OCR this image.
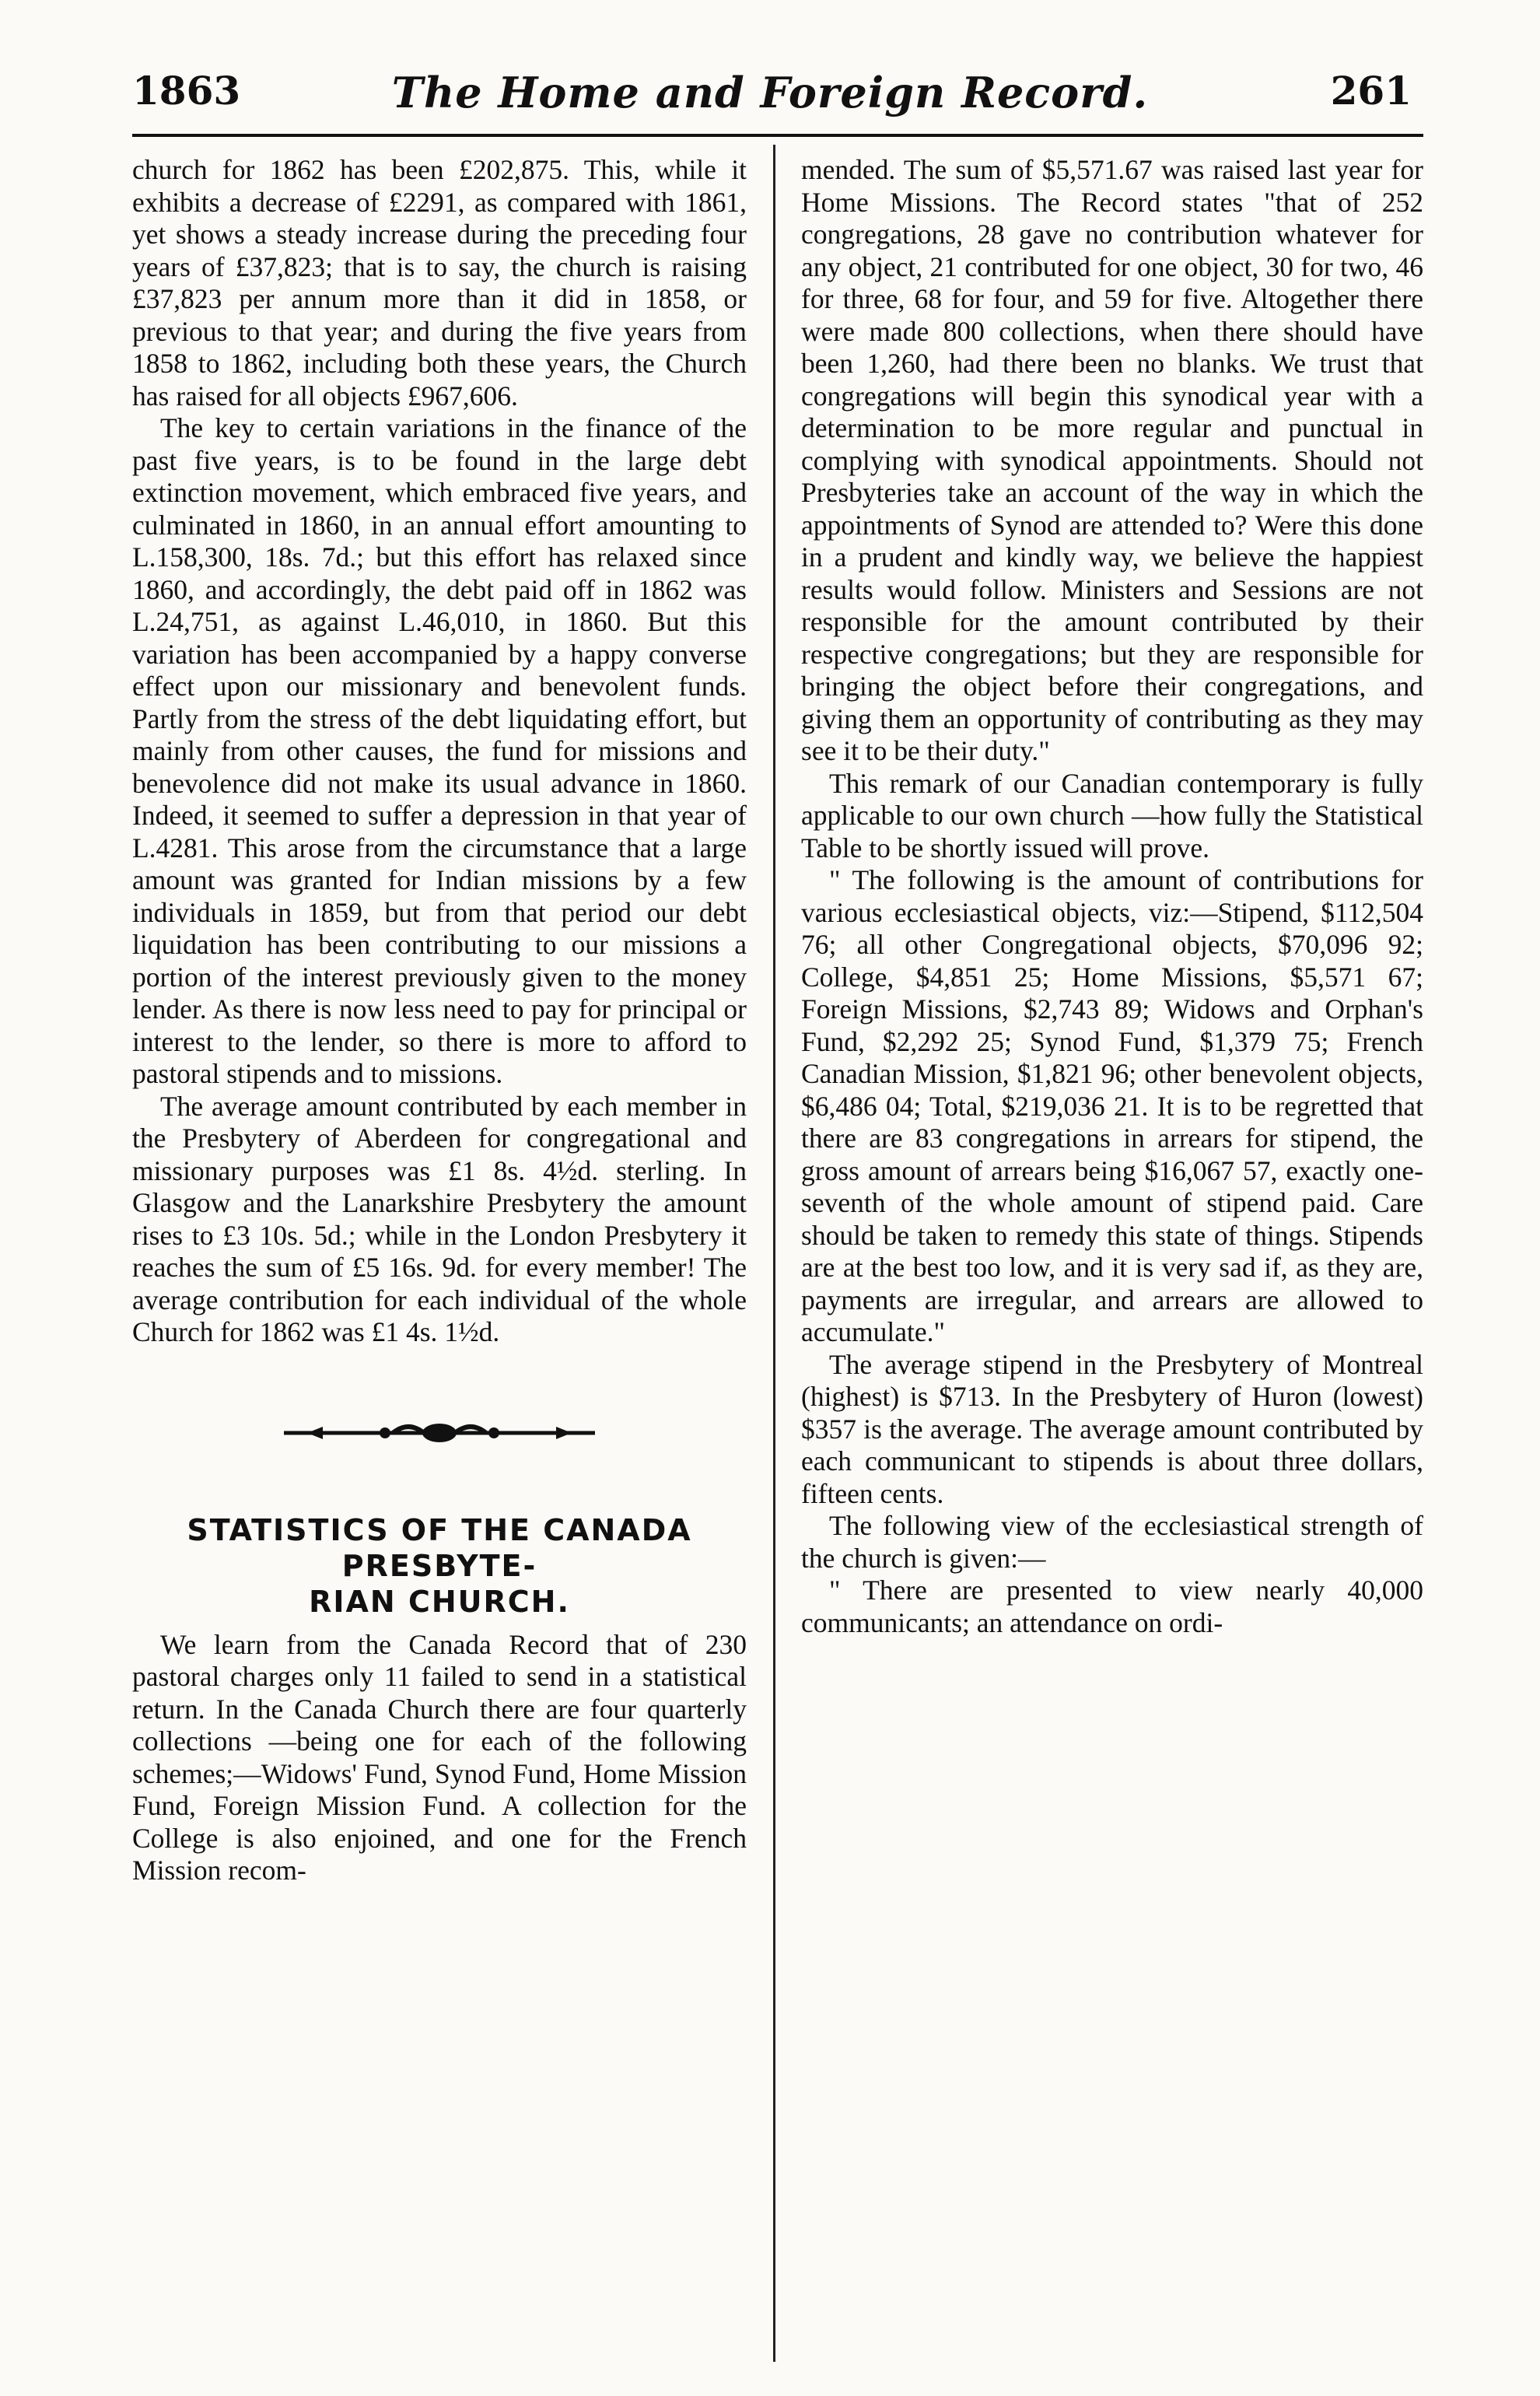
1863	The Home and Foreign Record.	261

church for 1862 has been £202,875. This, while it exhibits a decrease of £2291, as compared with 1861, yet shows a steady increase during the preceding four years of £37,823; that is to say, the church is raising £37,823 per annum more than it did in 1858, or previous to that year; and during the five years from 1858 to 1862, including both these years, the Church has raised for all objects £967,606.

The key to certain variations in the finance of the past five years, is to be found in the large debt extinction movement, which embraced five years, and culminated in 1860, in an annual effort amounting to L.158,300, 18s. 7d.; but this effort has relaxed since 1860, and accordingly, the debt paid off in 1862 was L.24,751, as against L.46,010, in 1860. But this variation has been accompanied by a happy converse effect upon our missionary and benevolent funds. Partly from the stress of the debt liquidating effort, but mainly from other causes, the fund for missions and benevolence did not make its usual advance in 1860. Indeed, it seemed to suffer a depression in that year of L.4281. This arose from the circumstance that a large amount was granted for Indian missions by a few individuals in 1859, but from that period our debt liquidation has been contributing to our missions a portion of the interest previously given to the money lender. As there is now less need to pay for principal or interest to the lender, so there is more to afford to pastoral stipends and to missions.

The average amount contributed by each member in the Presbytery of Aberdeen for congregational and missionary purposes was £1 8s. 4½d. sterling. In Glasgow and the Lanarkshire Presbytery the amount rises to £3 10s. 5d.; while in the London Presbytery it reaches the sum of £5 16s. 9d. for every member! The average contribution for each individual of the whole Church for 1862 was £1 4s. 1½d.

STATISTICS OF THE CANADA PRESBYTE-
RIAN CHURCH.

We learn from the Canada Record that of 230 pastoral charges only 11 failed to send in a statistical return. In the Canada Church there are four quarterly collections —being one for each of the following schemes;—Widows' Fund, Synod Fund, Home Mission Fund, Foreign Mission Fund. A collection for the College is also enjoined, and one for the French Mission recom-

mended. The sum of $5,571.67 was raised last year for Home Missions. The Record states "that of 252 congregations, 28 gave no contribution whatever for any object, 21 contributed for one object, 30 for two, 46 for three, 68 for four, and 59 for five. Altogether there were made 800 collections, when there should have been 1,260, had there been no blanks. We trust that congregations will begin this synodical year with a determination to be more regular and punctual in complying with synodical appointments. Should not Presbyteries take an account of the way in which the appointments of Synod are attended to? Were this done in a prudent and kindly way, we believe the happiest results would follow. Ministers and Sessions are not responsible for the amount contributed by their respective congregations; but they are responsible for bringing the object before their congregations, and giving them an opportunity of contributing as they may see it to be their duty."

This remark of our Canadian contemporary is fully applicable to our own church —how fully the Statistical Table to be shortly issued will prove.

" The following is the amount of contributions for various ecclesiastical objects, viz:—Stipend, $112,504 76; all other Congregational objects, $70,096 92; College, $4,851 25; Home Missions, $5,571 67; Foreign Missions, $2,743 89; Widows and Orphan's Fund, $2,292 25; Synod Fund, $1,379 75; French Canadian Mission, $1,821 96; other benevolent objects, $6,486 04; Total, $219,036 21. It is to be regretted that there are 83 congregations in arrears for stipend, the gross amount of arrears being $16,067 57, exactly one-seventh of the whole amount of stipend paid. Care should be taken to remedy this state of things. Stipends are at the best too low, and it is very sad if, as they are, payments are irregular, and arrears are allowed to accumulate."

The average stipend in the Presbytery of Montreal (highest) is $713. In the Presbytery of Huron (lowest) $357 is the average. The average amount contributed by each communicant to stipends is about three dollars, fifteen cents.

The following view of the ecclesiastical strength of the church is given:—

" There are presented to view nearly 40,000 communicants; an attendance on ordi-
